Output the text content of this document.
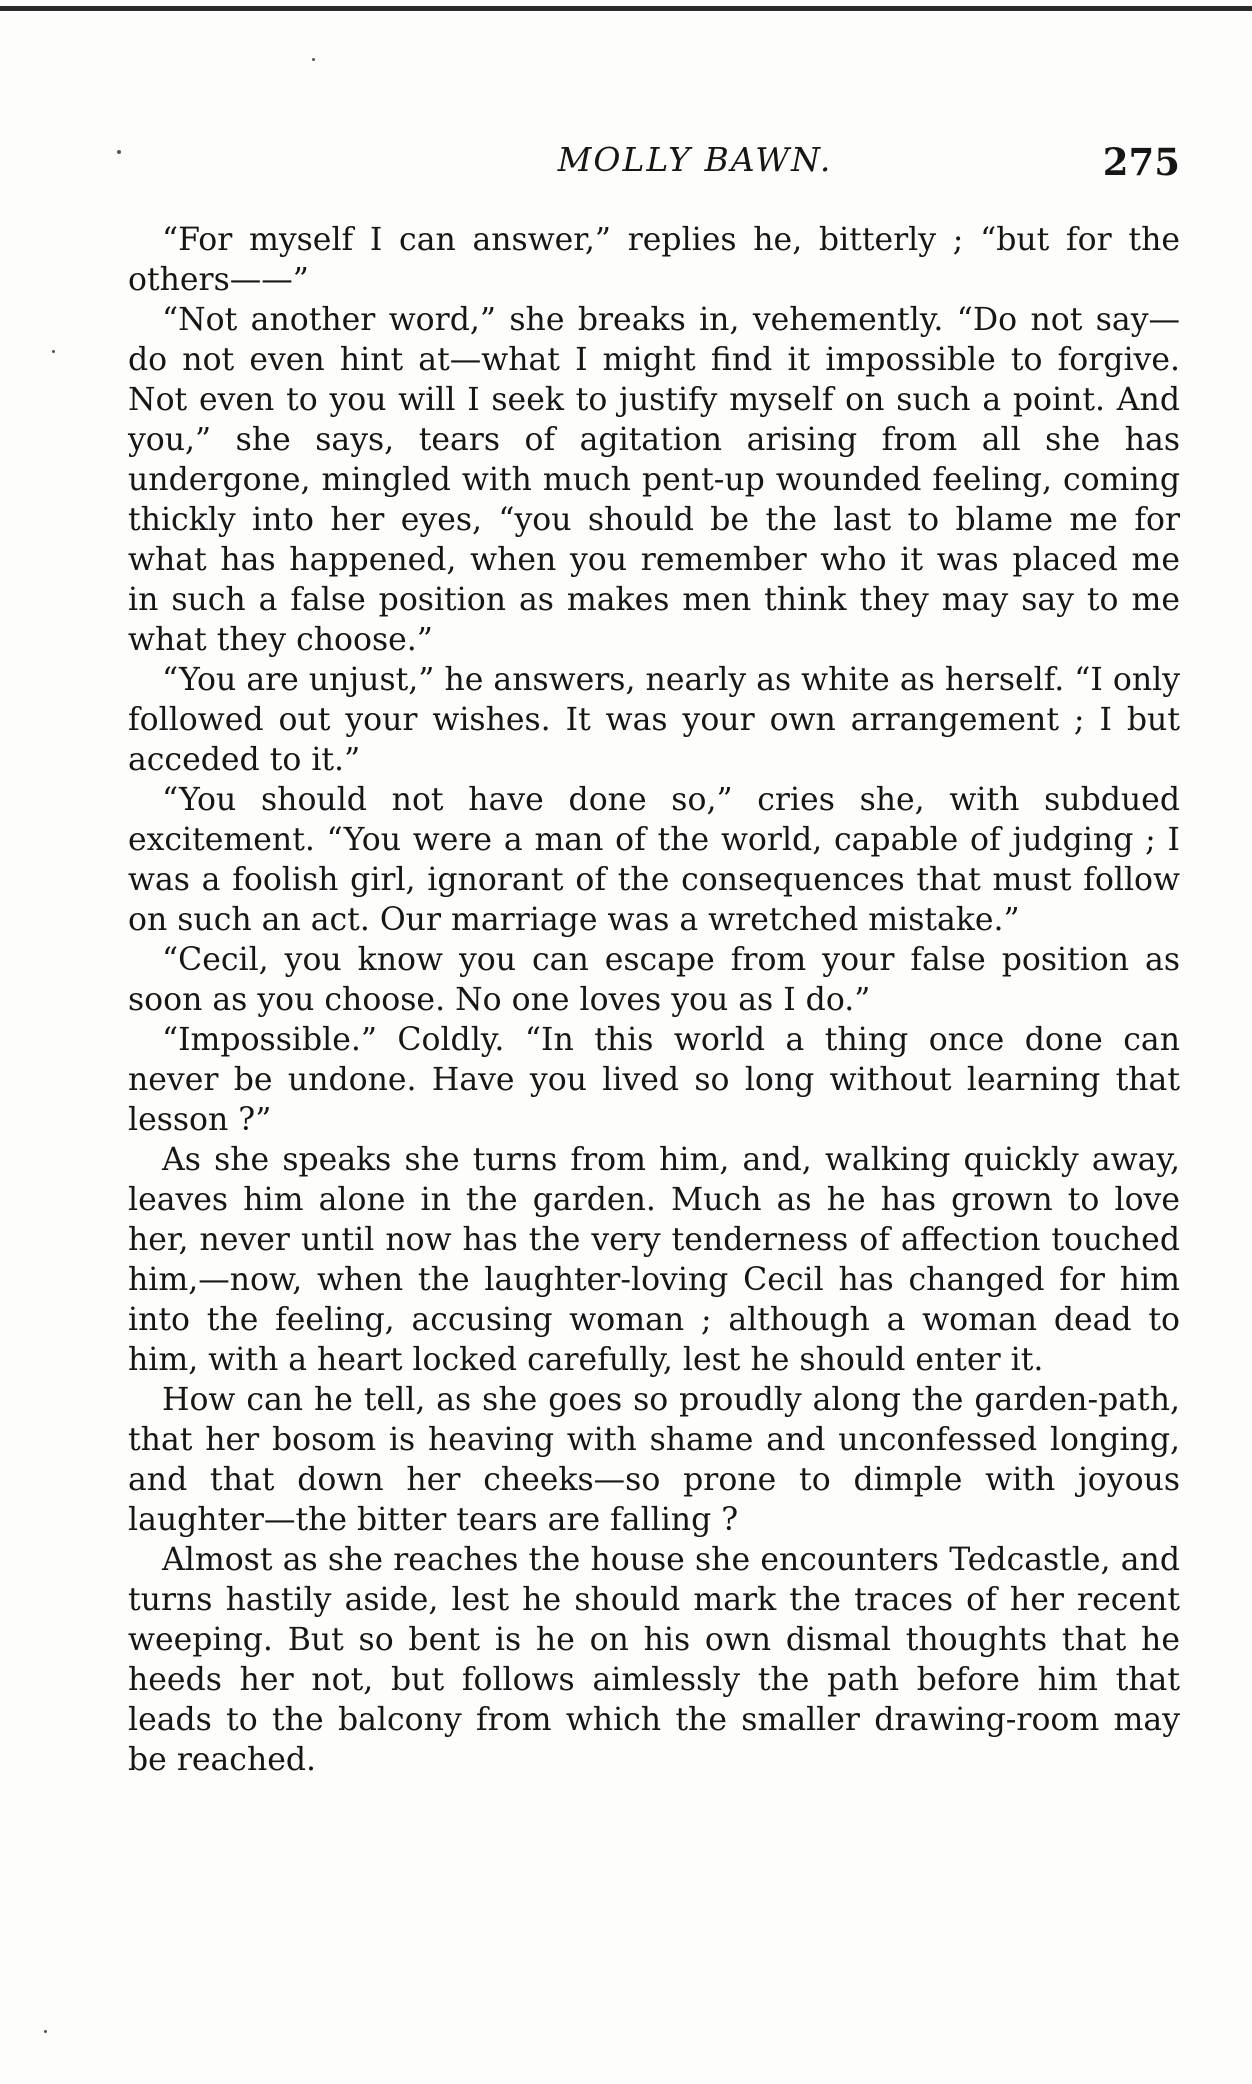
MOLLY BAWN.	275

“For myself I can answer,” replies he, bitterly ; “but for the others——”

“Not another word,” she breaks in, vehemently. “Do not say—do not even hint at—what I might find it impossible to forgive. Not even to you will I seek to justify myself on such a point. And you,” she says, tears of agitation arising from all she has undergone, mingled with much pent-up wounded feeling, coming thickly into her eyes, “you should be the last to blame me for what has happened, when you remember who it was placed me in such a false position as makes men think they may say to me what they choose.”

“You are unjust,” he answers, nearly as white as herself. “I only followed out your wishes. It was your own arrangement ; I but acceded to it.”

“You should not have done so,” cries she, with subdued excitement. “You were a man of the world, capable of judging ; I was a foolish girl, ignorant of the consequences that must follow on such an act. Our marriage was a wretched mistake.”

“Cecil, you know you can escape from your false position as soon as you choose. No one loves you as I do.”

“Impossible.” Coldly. “In this world a thing once done can never be undone. Have you lived so long without learning that lesson ?”

As she speaks she turns from him, and, walking quickly away, leaves him alone in the garden. Much as he has grown to love her, never until now has the very tenderness of affection touched him,—now, when the laughter-loving Cecil has changed for him into the feeling, accusing woman ; although a woman dead to him, with a heart locked carefully, lest he should enter it.

How can he tell, as she goes so proudly along the garden-path, that her bosom is heaving with shame and unconfessed longing, and that down her cheeks—so prone to dimple with joyous laughter—the bitter tears are falling ?

Almost as she reaches the house she encounters Tedcastle, and turns hastily aside, lest he should mark the traces of her recent weeping. But so bent is he on his own dismal thoughts that he heeds her not, but follows aimlessly the path before him that leads to the balcony from which the smaller drawing-room may be reached.
